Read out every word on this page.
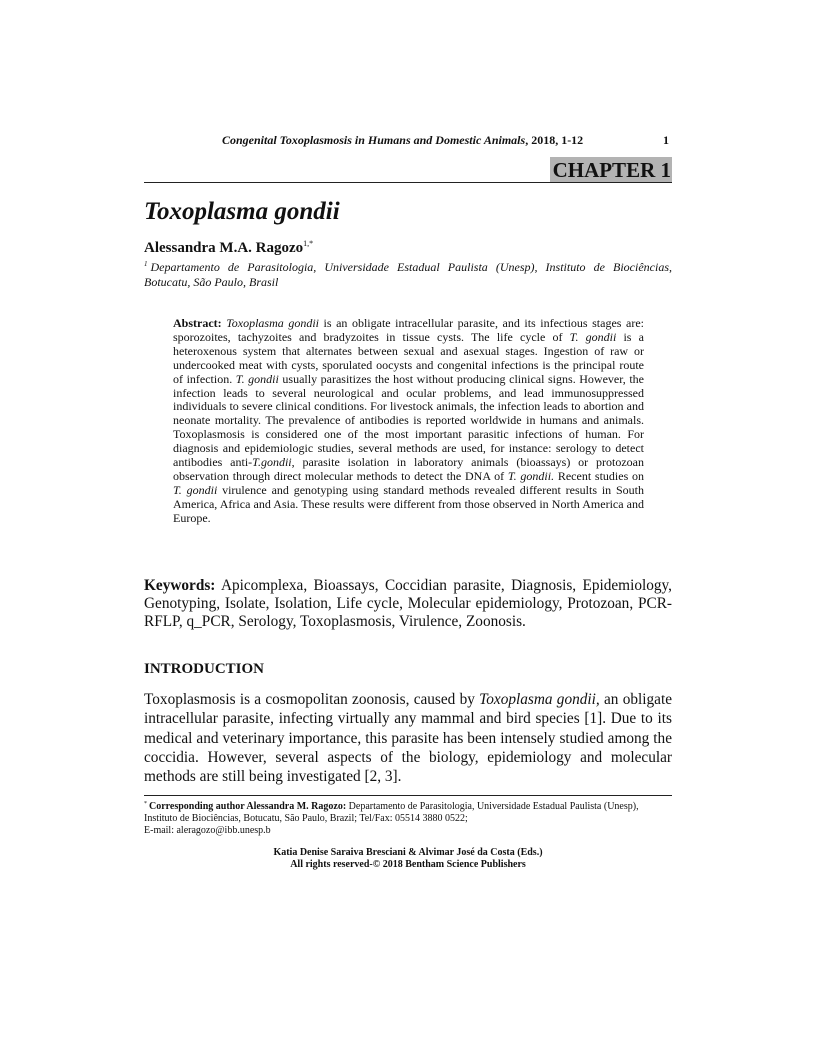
Congenital Toxoplasmosis in Humans and Domestic Animals, 2018, 1-12	1
CHAPTER 1
Toxoplasma gondii
Alessandra M.A. Ragozo$^{1,*}$
$^1$ Departamento de Parasitologia, Universidade Estadual Paulista (Unesp), Instituto de Biociências, Botucatu, São Paulo, Brasil
Abstract: Toxoplasma gondii is an obligate intracellular parasite, and its infectious stages are: sporozoites, tachyzoites and bradyzoites in tissue cysts. The life cycle of T. gondii is a heteroxenous system that alternates between sexual and asexual stages. Ingestion of raw or undercooked meat with cysts, sporulated oocysts and congenital infections is the principal route of infection. T. gondii usually parasitizes the host without producing clinical signs. However, the infection leads to several neurological and ocular problems, and lead immunosuppressed individuals to severe clinical conditions. For livestock animals, the infection leads to abortion and neonate mortality. The prevalence of antibodies is reported worldwide in humans and animals. Toxoplasmosis is considered one of the most important parasitic infections of human. For diagnosis and epidemiologic studies, several methods are used, for instance: serology to detect antibodies anti-T.gondii, parasite isolation in laboratory animals (bioassays) or protozoan observation through direct molecular methods to detect the DNA of T. gondii. Recent studies on T. gondii virulence and genotyping using standard methods revealed different results in South America, Africa and Asia. These results were different from those observed in North America and Europe.
Keywords: Apicomplexa, Bioassays, Coccidian parasite, Diagnosis, Epidemiology, Genotyping, Isolate, Isolation, Life cycle, Molecular epidemiology, Protozoan, PCR-RFLP, q_PCR, Serology, Toxoplasmosis, Virulence, Zoonosis.
INTRODUCTION
Toxoplasmosis is a cosmopolitan zoonosis, caused by Toxoplasma gondii, an obligate intracellular parasite, infecting virtually any mammal and bird species [1]. Due to its medical and veterinary importance, this parasite has been intensely studied among the coccidia. However, several aspects of the biology, epidemiology and molecular methods are still being investigated [2, 3].
* Corresponding author Alessandra M. Ragozo: Departamento de Parasitologia, Universidade Estadual Paulista (Unesp), Instituto de Biociências, Botucatu, São Paulo, Brazil; Tel/Fax: 05514 3880 0522;
E-mail: aleragozo@ibb.unesp.b
Katia Denise Saraiva Bresciani & Alvimar José da Costa (Eds.)
All rights reserved-© 2018 Bentham Science Publishers
